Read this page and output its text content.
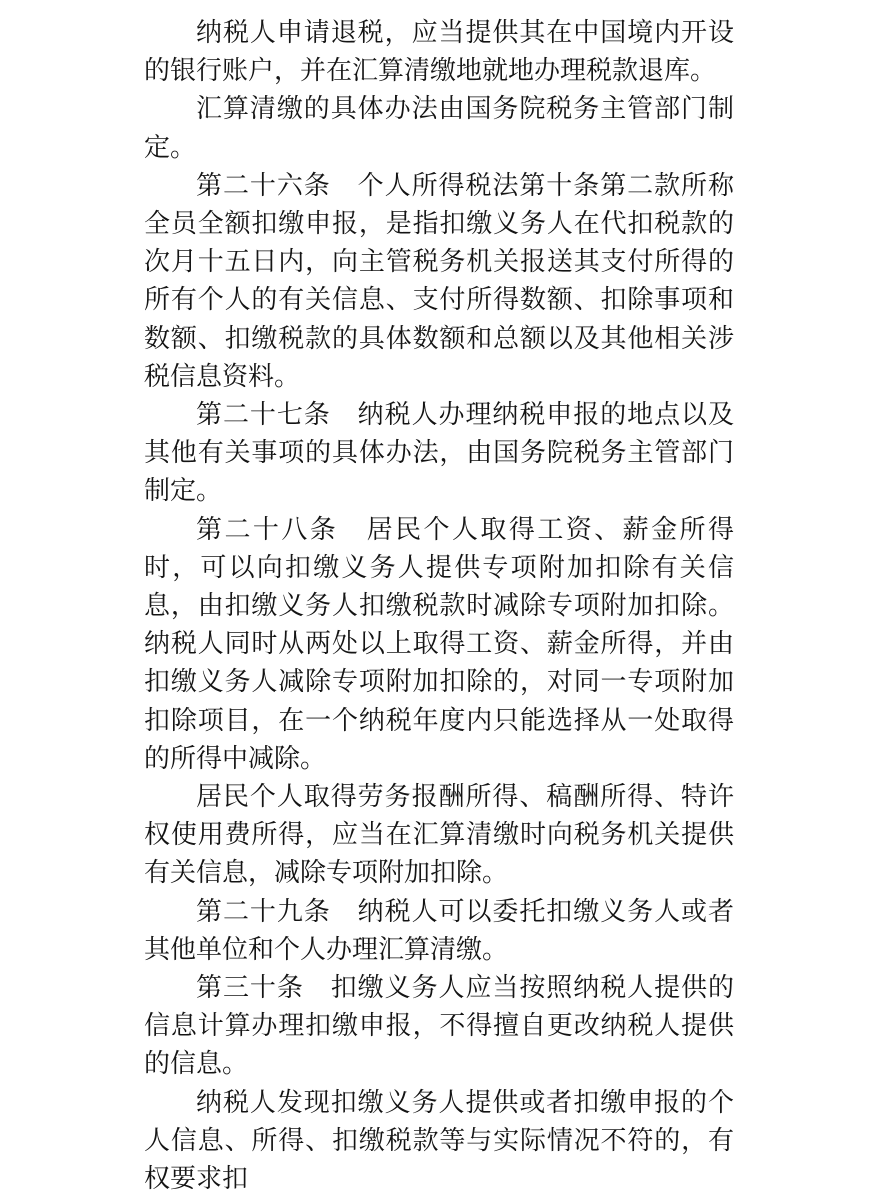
纳税人申请退税，应当提供其在中国境内开设的银行账户，并在汇算清缴地就地办理税款退库。

汇算清缴的具体办法由国务院税务主管部门制定。

第二十六条　个人所得税法第十条第二款所称全员全额扣缴申报，是指扣缴义务人在代扣税款的次月十五日内，向主管税务机关报送其支付所得的所有个人的有关信息、支付所得数额、扣除事项和数额、扣缴税款的具体数额和总额以及其他相关涉税信息资料。

第二十七条　纳税人办理纳税申报的地点以及其他有关事项的具体办法，由国务院税务主管部门制定。

第二十八条　居民个人取得工资、薪金所得时，可以向扣缴义务人提供专项附加扣除有关信息，由扣缴义务人扣缴税款时减除专项附加扣除。纳税人同时从两处以上取得工资、薪金所得，并由扣缴义务人减除专项附加扣除的，对同一专项附加扣除项目，在一个纳税年度内只能选择从一处取得的所得中减除。

居民个人取得劳务报酬所得、稿酬所得、特许权使用费所得，应当在汇算清缴时向税务机关提供有关信息，减除专项附加扣除。

第二十九条　纳税人可以委托扣缴义务人或者其他单位和个人办理汇算清缴。

第三十条　扣缴义务人应当按照纳税人提供的信息计算办理扣缴申报，不得擅自更改纳税人提供的信息。

纳税人发现扣缴义务人提供或者扣缴申报的个人信息、所得、扣缴税款等与实际情况不符的，有权要求扣
